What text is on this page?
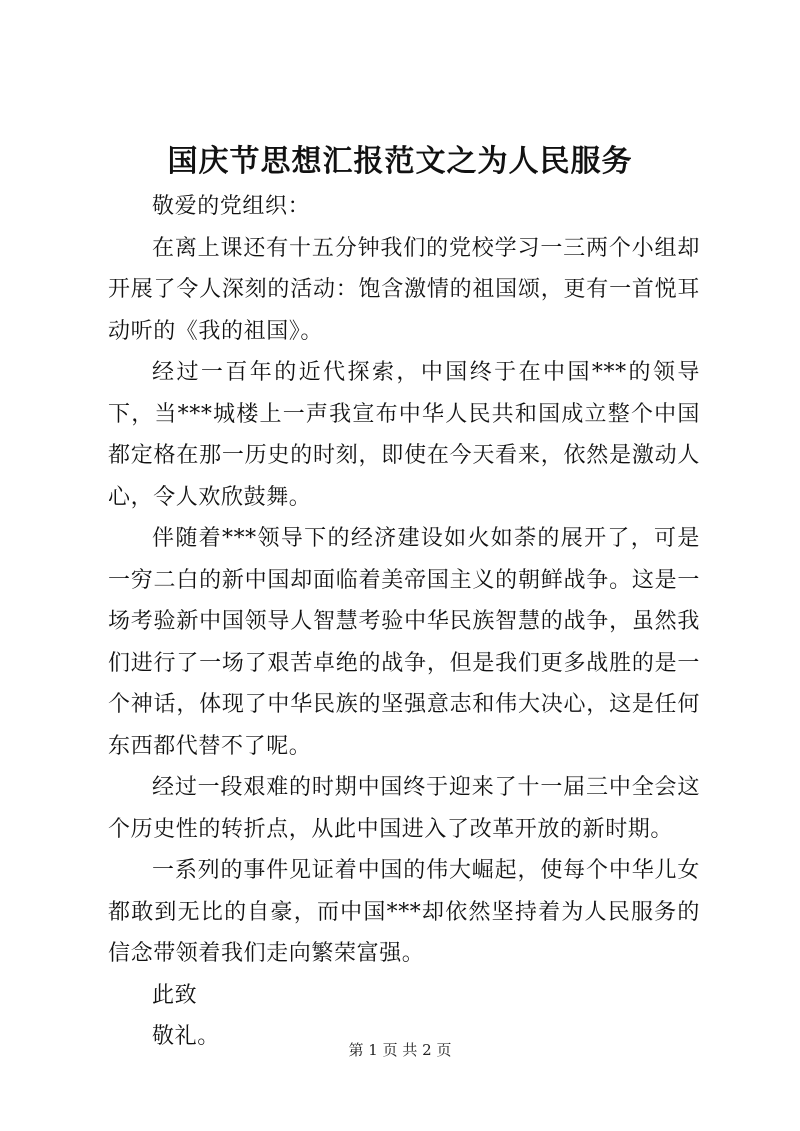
国庆节思想汇报范文之为人民服务

敬爱的党组织：

在离上课还有十五分钟我们的党校学习一三两个小组却开展了令人深刻的活动：饱含激情的祖国颂，更有一首悦耳动听的《我的祖国》。

经过一百年的近代探索，中国终于在中国***的领导下，当***城楼上一声我宣布中华人民共和国成立整个中国都定格在那一历史的时刻，即使在今天看来，依然是激动人心，令人欢欣鼓舞。

伴随着***领导下的经济建设如火如荼的展开了，可是一穷二白的新中国却面临着美帝国主义的朝鲜战争。这是一场考验新中国领导人智慧考验中华民族智慧的战争，虽然我们进行了一场了艰苦卓绝的战争，但是我们更多战胜的是一个神话，体现了中华民族的坚强意志和伟大决心，这是任何东西都代替不了呢。

经过一段艰难的时期中国终于迎来了十一届三中全会这个历史性的转折点，从此中国进入了改革开放的新时期。

一系列的事件见证着中国的伟大崛起，使每个中华儿女都敢到无比的自豪，而中国***却依然坚持着为人民服务的信念带领着我们走向繁荣富强。

此致

敬礼。

第 1 页 共 2 页
